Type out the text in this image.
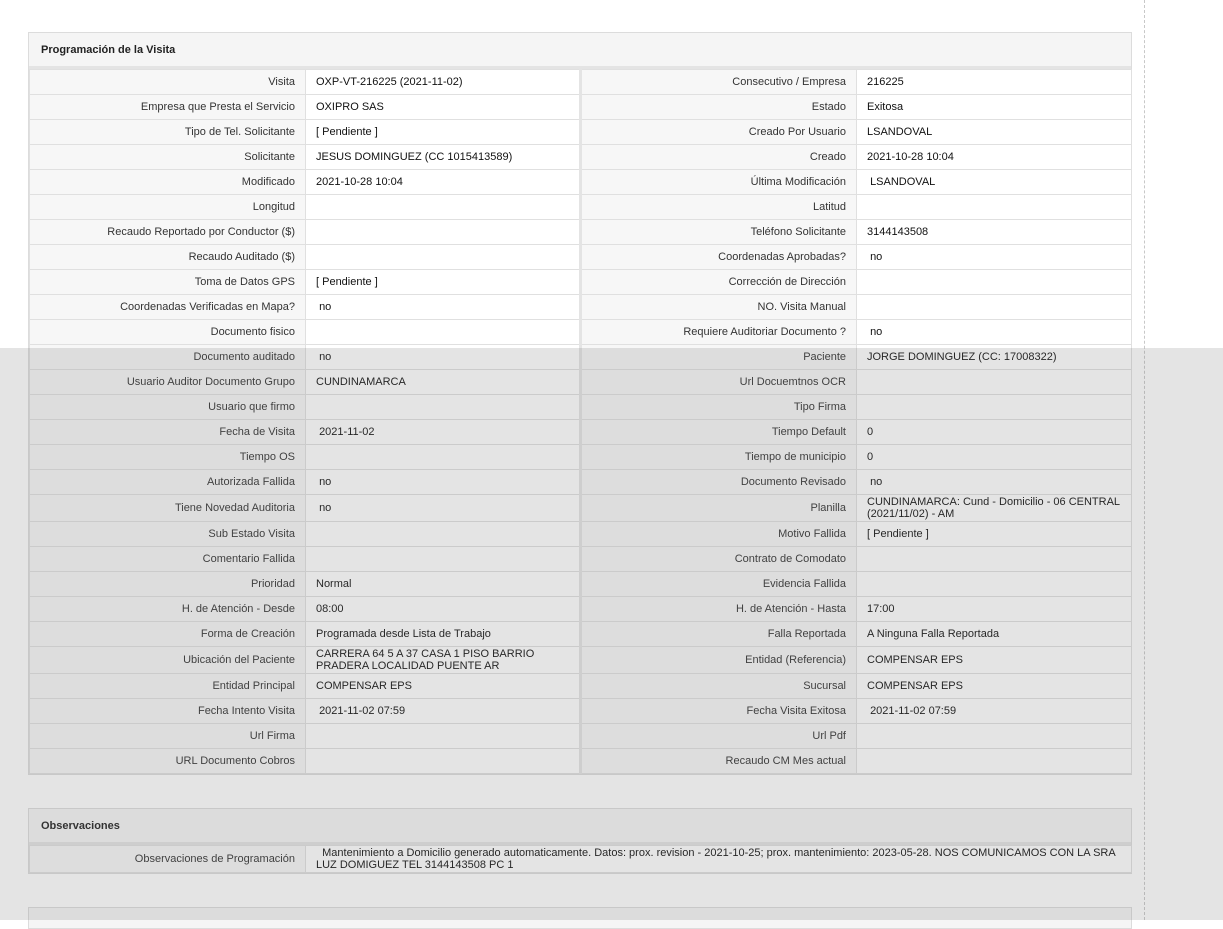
Programación de la Visita
Visita	OXP-VT-216225 (2021-11-02)	Consecutivo / Empresa	216225
Empresa que Presta el Servicio	OXIPRO SAS	Estado	Exitosa
Tipo de Tel. Solicitante	[ Pendiente ]	Creado Por Usuario	LSANDOVAL
Solicitante	JESUS DOMINGUEZ (CC 1015413589)	Creado	2021-10-28 10:04
Modificado	2021-10-28 10:04	Última Modificación	LSANDOVAL
Longitud		Latitud	
Recaudo Reportado por Conductor ($)		Teléfono Solicitante	3144143508
Recaudo Auditado ($)		Coordenadas Aprobadas?	no
Toma de Datos GPS	[ Pendiente ]	Corrección de Dirección	
Coordenadas Verificadas en Mapa?	no	NO. Visita Manual	
Documento fisico		Requiere Auditoriar Documento ?	no
Documento auditado	no	Paciente	JORGE DOMINGUEZ (CC: 17008322)
Usuario Auditor Documento Grupo	CUNDINAMARCA	Url Docuemtnos OCR	
Usuario que firmo		Tipo Firma	
Fecha de Visita	2021-11-02	Tiempo Default	0
Tiempo OS		Tiempo de municipio	0
Autorizada Fallida	no	Documento Revisado	no
Tiene Novedad Auditoria	no	Planilla	CUNDINAMARCA: Cund - Domicilio - 06 CENTRAL (2021/11/02) - AM
Sub Estado Visita		Motivo Fallida	[ Pendiente ]
Comentario Fallida		Contrato de Comodato	
Prioridad	Normal	Evidencia Fallida	
H. de Atención - Desde	08:00	H. de Atención - Hasta	17:00
Forma de Creación	Programada desde Lista de Trabajo	Falla Reportada	A Ninguna Falla Reportada
Ubicación del Paciente	CARRERA 64 5 A 37 CASA 1 PISO BARRIO PRADERA LOCALIDAD PUENTE AR	Entidad (Referencia)	COMPENSAR EPS
Entidad Principal	COMPENSAR EPS	Sucursal	COMPENSAR EPS
Fecha Intento Visita	2021-11-02 07:59	Fecha Visita Exitosa	2021-11-02 07:59
Url Firma		Url Pdf	
URL Documento Cobros		Recaudo CM Mes actual	
Observaciones
Observaciones de Programación	Mantenimiento a Domicilio generado automaticamente. Datos: prox. revision - 2021-10-25; prox. mantenimiento: 2023-05-28. NOS COMUNICAMOS CON LA SRA LUZ DOMIGUEZ TEL 3144143508 PC 1
